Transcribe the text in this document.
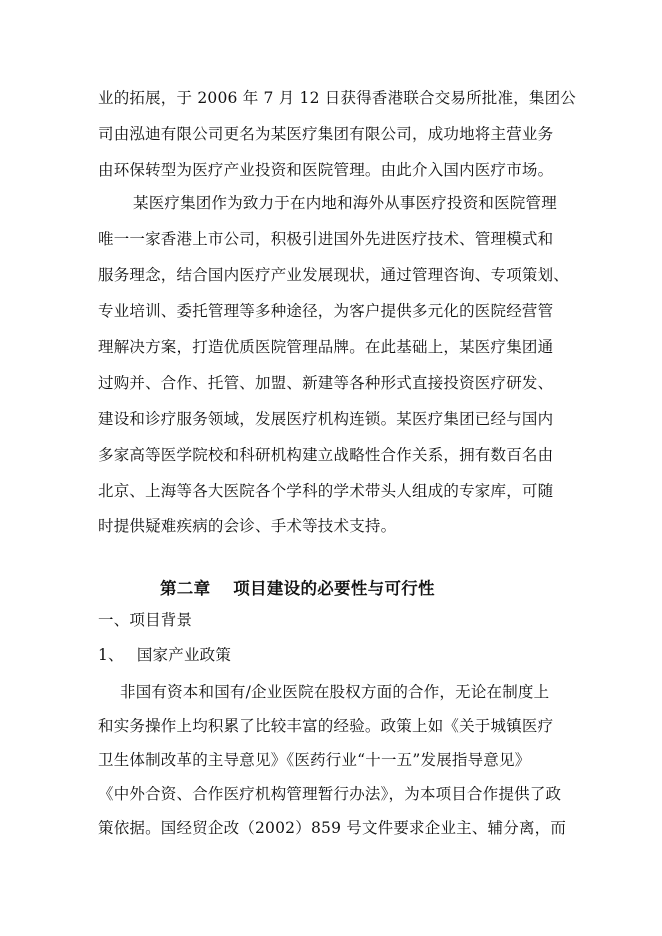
业的拓展，于 2006 年 7 月 12 日获得香港联合交易所批准，集团公
司由泓迪有限公司更名为某医疗集团有限公司，成功地将主营业务
由环保转型为医疗产业投资和医院管理。由此介入国内医疗市场。
某医疗集团作为致力于在内地和海外从事医疗投资和医院管理
唯一一家香港上市公司，积极引进国外先进医疗技术、管理模式和
服务理念，结合国内医疗产业发展现状，通过管理咨询、专项策划、
专业培训、委托管理等多种途径，为客户提供多元化的医院经营管
理解决方案，打造优质医院管理品牌。在此基础上，某医疗集团通
过购并、合作、托管、加盟、新建等各种形式直接投资医疗研发、
建设和诊疗服务领域，发展医疗机构连锁。某医疗集团已经与国内
多家高等医学院校和科研机构建立战略性合作关系，拥有数百名由
北京、上海等各大医院各个学科的学术带头人组成的专家库，可随
时提供疑难疾病的会诊、手术等技术支持。
第二章　 项目建设的必要性与可行性
一、项目背景
1、　 国家产业政策
非国有资本和国有/企业医院在股权方面的合作，无论在制度上
和实务操作上均积累了比较丰富的经验。政策上如《关于城镇医疗
卫生体制改革的主导意见》《医药行业“十一五”发展指导意见》
《中外合资、合作医疗机构管理暂行办法》，为本项目合作提供了政
策依据。国经贸企改（2002）859 号文件要求企业主、辅分离，而
